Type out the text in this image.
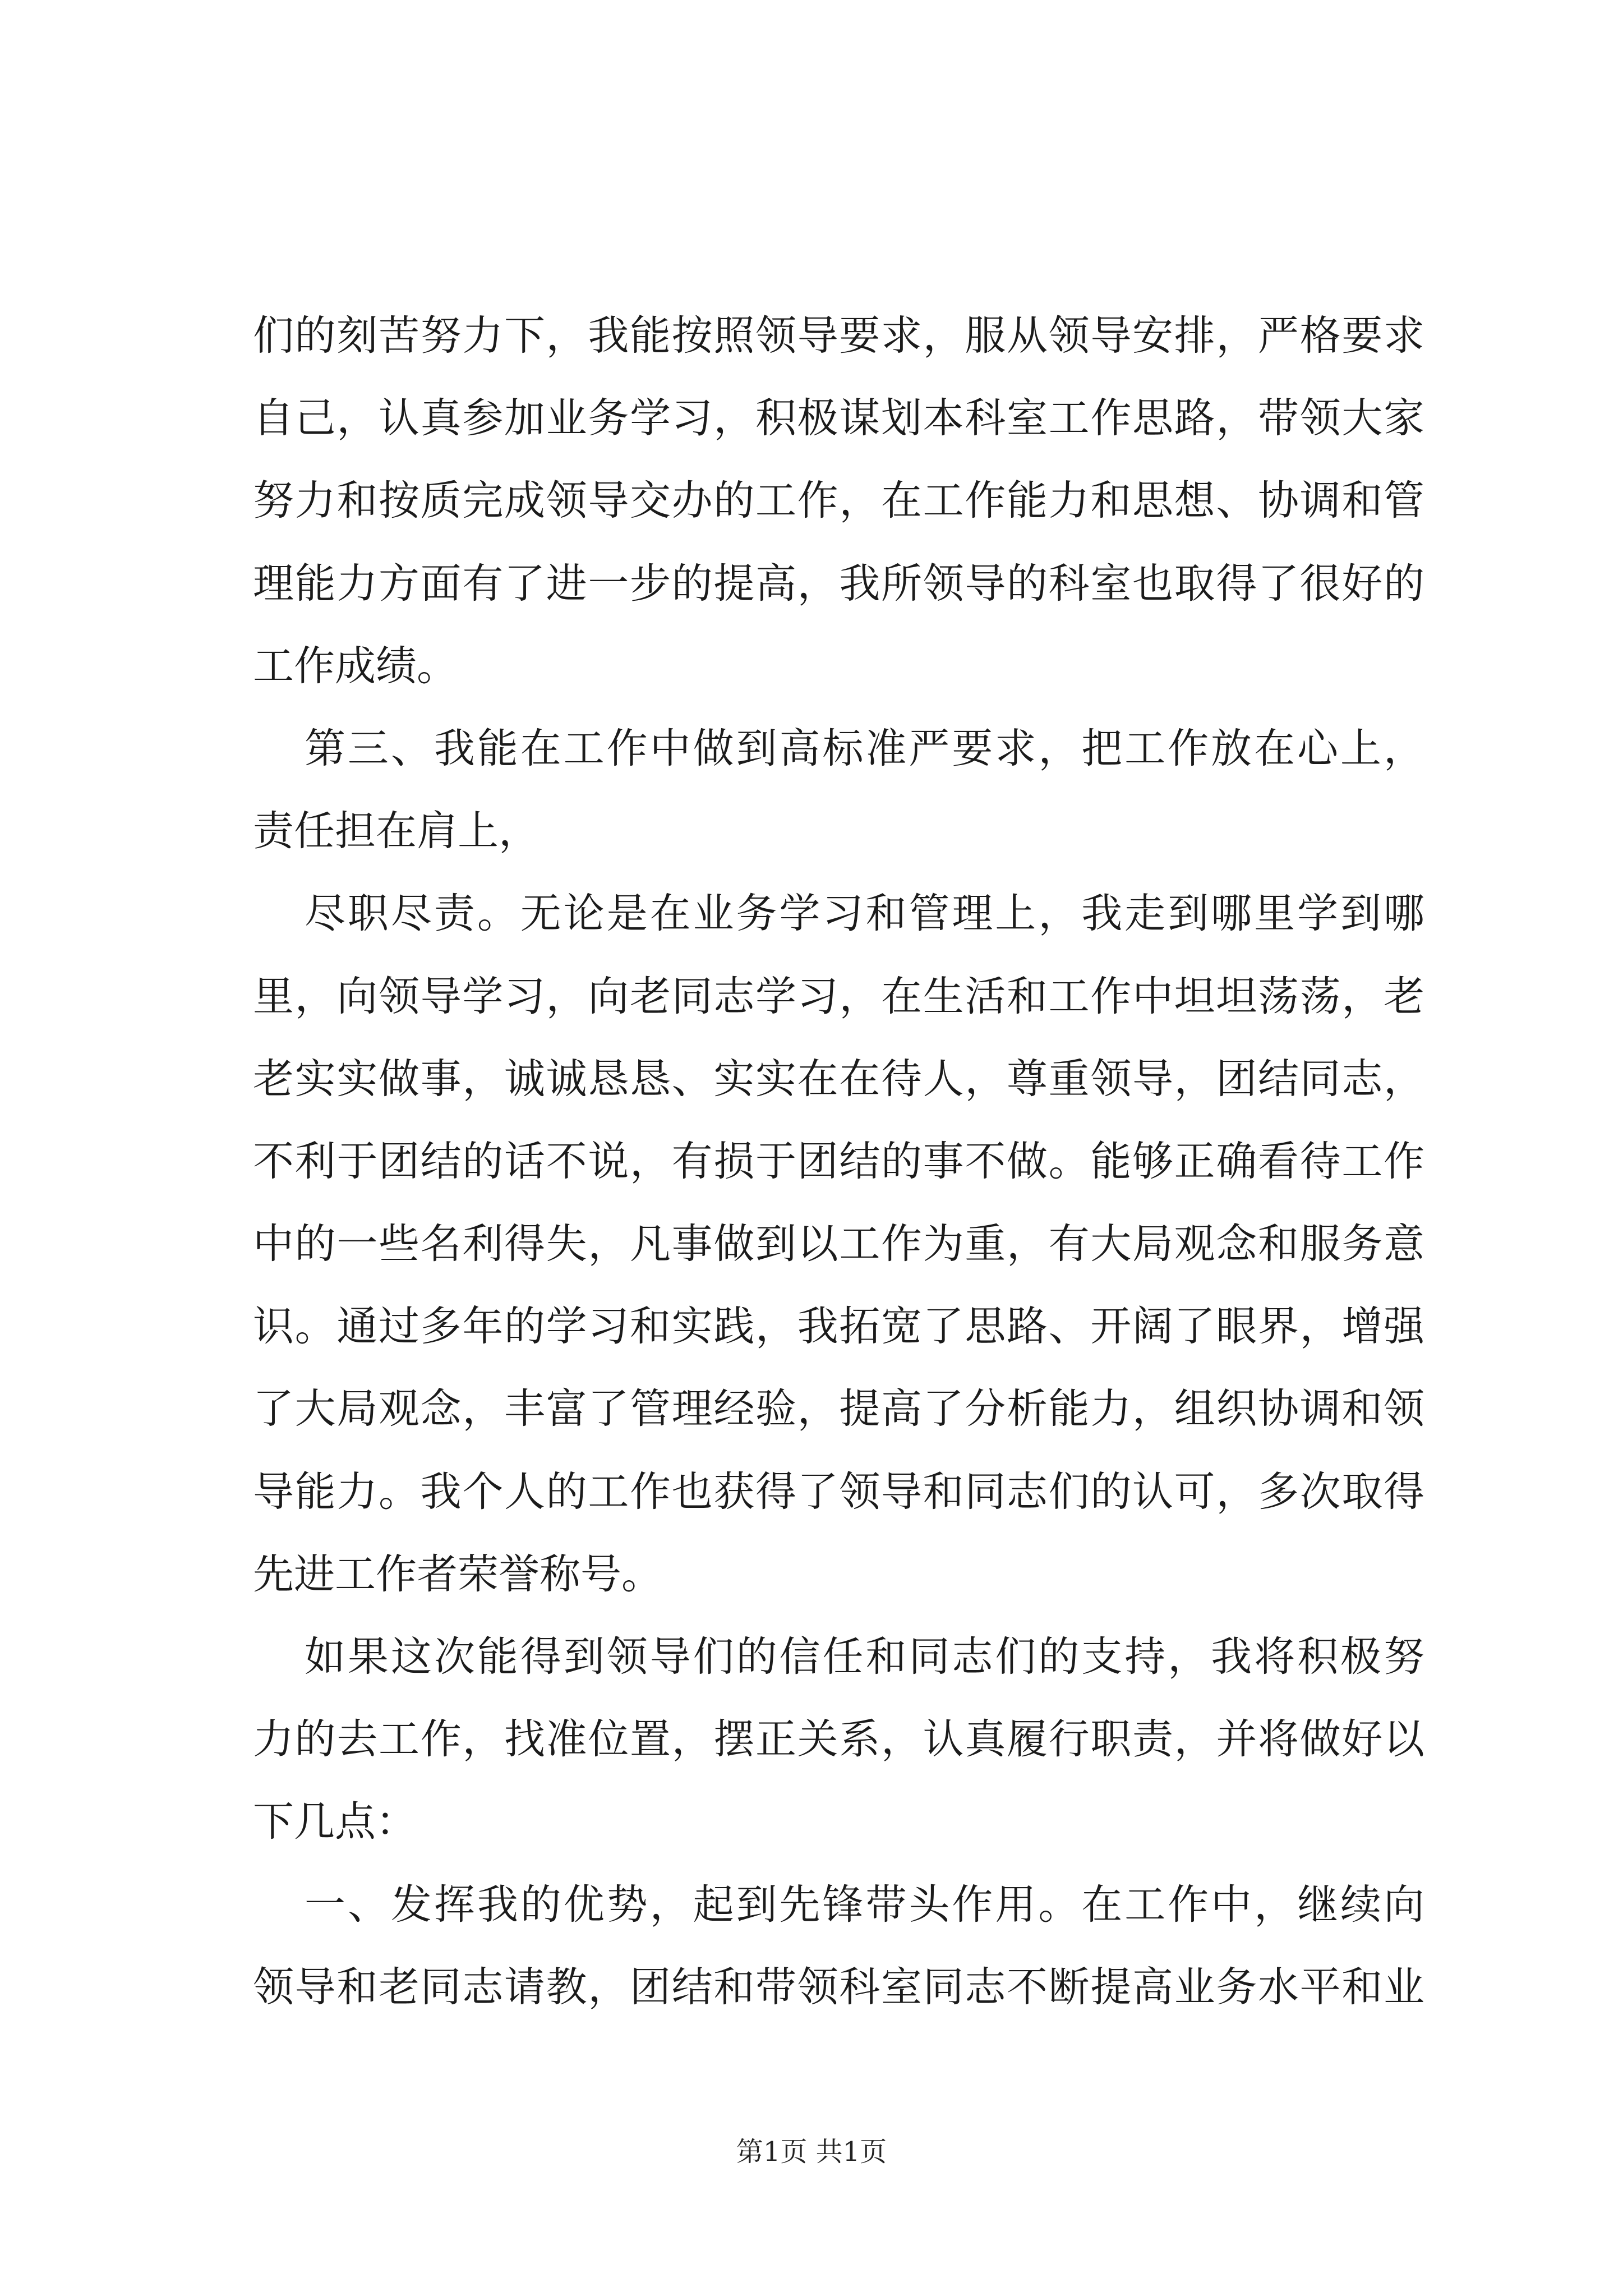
们的刻苦努力下，我能按照领导要求，服从领导安排，严格要求
自己，认真参加业务学习，积极谋划本科室工作思路，带领大家
努力和按质完成领导交办的工作，在工作能力和思想、协调和管
理能力方面有了进一步的提高，我所领导的科室也取得了很好的
工作成绩。
第三、我能在工作中做到高标准严要求，把工作放在心上，
责任担在肩上，
尽职尽责。无论是在业务学习和管理上，我走到哪里学到哪
里，向领导学习，向老同志学习，在生活和工作中坦坦荡荡，老
老实实做事，诚诚恳恳、实实在在待人，尊重领导，团结同志，
不利于团结的话不说，有损于团结的事不做。能够正确看待工作
中的一些名利得失，凡事做到以工作为重，有大局观念和服务意
识。通过多年的学习和实践，我拓宽了思路、开阔了眼界，增强
了大局观念，丰富了管理经验，提高了分析能力，组织协调和领
导能力。我个人的工作也获得了领导和同志们的认可，多次取得
先进工作者荣誉称号。
如果这次能得到领导们的信任和同志们的支持，我将积极努
力的去工作，找准位置，摆正关系，认真履行职责，并将做好以
下几点：
一、发挥我的优势，起到先锋带头作用。在工作中，继续向
领导和老同志请教，团结和带领科室同志不断提高业务水平和业
第1页 共1页
